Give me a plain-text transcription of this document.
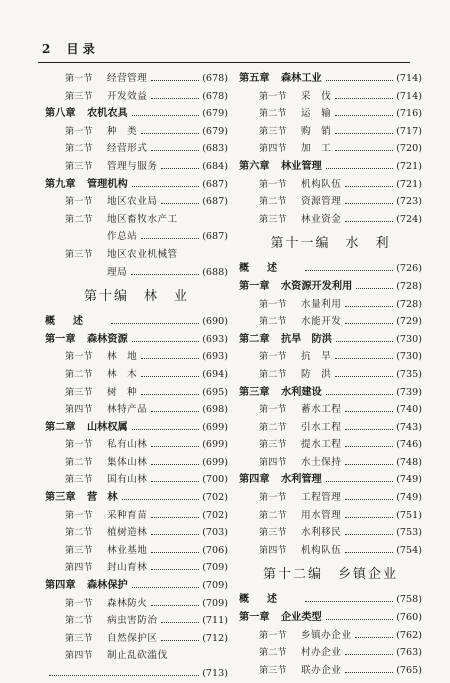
2 目 录
第一节	经营管理	(678)
第三节	开发效益	(678)
第八章	农机农具	(679)
第一节	种　类	(679)
第二节	经营形式	(683)
第三节	管理与服务	(684)
第九章	管理机构	(687)
第一节	地区农业局	(687)
第二节	地区畜牧水产工
作总站	(687)
第三节	地区农业机械管
理局	(688)
第十编　林　业
概　述	(690)
第一章	森林资源	(693)
第一节	林　地	(693)
第二节	林　木	(694)
第三节	树　种	(695)
第四节	林特产品	(698)
第二章	山林权属	(699)
第一节	私有山林	(699)
第二节	集体山林	(699)
第三节	国有山林	(700)
第三章	营　林	(702)
第一节	采种育苗	(702)
第二节	植树造林	(703)
第三节	林业基地	(706)
第四节	封山育林	(709)
第四章	森林保护	(709)
第一节	森林防火	(709)
第二节	病虫害防治	(711)
第三节	自然保护区	(712)
第四节	制止乱砍滥伐
(713)
第五章	森林工业	(714)
第一节	采　伐	(714)
第二节	运　输	(716)
第三节	购　销	(717)
第四节	加　工	(720)
第六章	林业管理	(721)
第一节	机构队伍	(721)
第二节	资源管理	(723)
第三节	林业资金	(724)
第十一编　水　利
概　述	(726)
第一章	水资源开发利用	(728)
第一节	水量利用	(728)
第二节	水能开发	(729)
第二章	抗旱　防洪	(730)
第一节	抗　旱	(730)
第二节	防　洪	(735)
第三章	水利建设	(739)
第一节	蓄水工程	(740)
第二节	引水工程	(743)
第三节	提水工程	(746)
第四节	水土保持	(748)
第四章	水利管理	(749)
第一节	工程管理	(749)
第二节	用水管理	(751)
第三节	水利移民	(753)
第四节	机构队伍	(754)
第十二编　乡镇企业
概　述	(758)
第一章	企业类型	(760)
第一节	乡镇办企业	(762)
第二节	村办企业	(763)
第三节	联办企业	(765)
